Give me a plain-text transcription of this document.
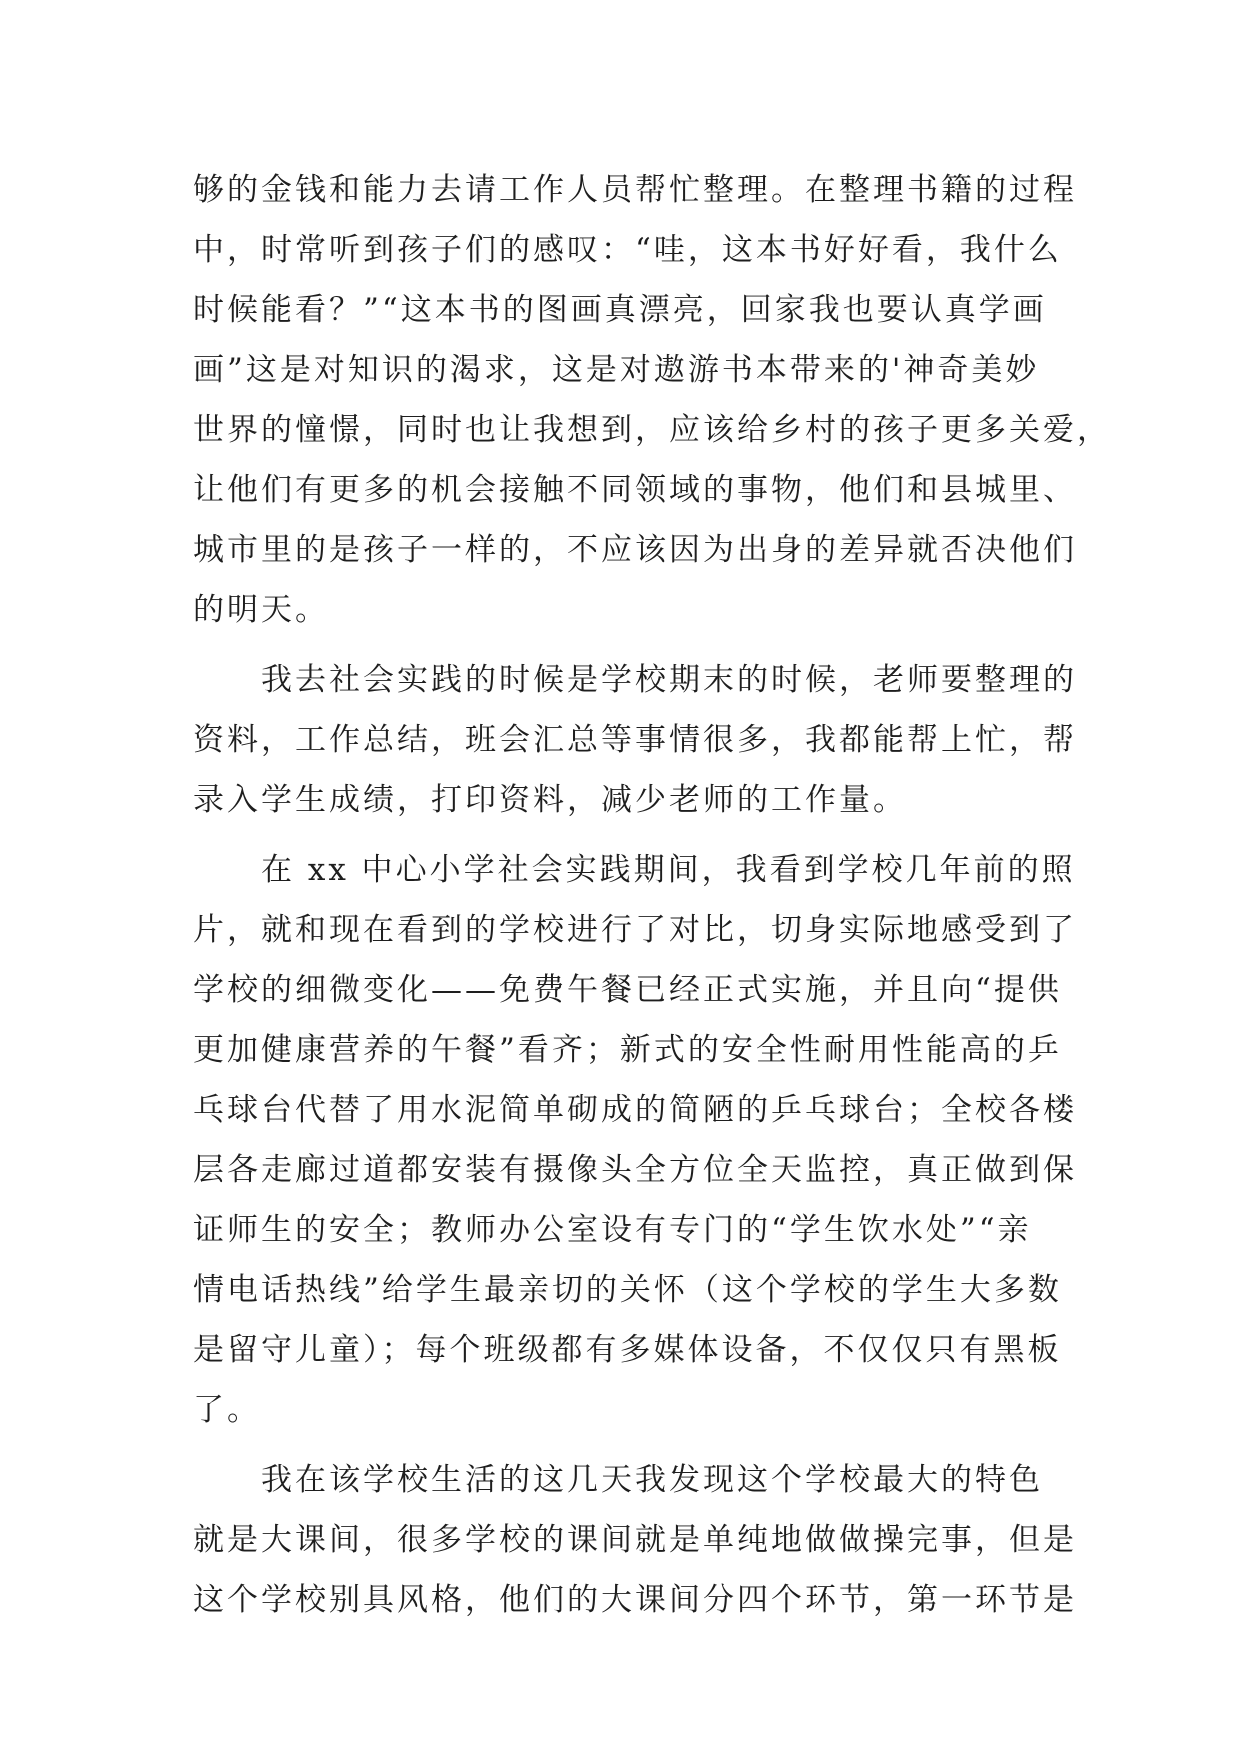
够的金钱和能力去请工作人员帮忙整理。在整理书籍的过程
中，时常听到孩子们的感叹：“哇，这本书好好看，我什么
时候能看？”“这本书的图画真漂亮，回家我也要认真学画
画”这是对知识的渴求，这是对遨游书本带来的'神奇美妙
世界的憧憬，同时也让我想到，应该给乡村的孩子更多关爱，
让他们有更多的机会接触不同领域的事物，他们和县城里、
城市里的是孩子一样的，不应该因为出身的差异就否决他们
的明天。
我去社会实践的时候是学校期末的时候，老师要整理的
资料，工作总结，班会汇总等事情很多，我都能帮上忙，帮
录入学生成绩，打印资料，减少老师的工作量。
在 xx 中心小学社会实践期间，我看到学校几年前的照
片，就和现在看到的学校进行了对比，切身实际地感受到了
学校的细微变化——免费午餐已经正式实施，并且向“提供
更加健康营养的午餐”看齐；新式的安全性耐用性能高的乒
乓球台代替了用水泥简单砌成的简陋的乒乓球台；全校各楼
层各走廊过道都安装有摄像头全方位全天监控，真正做到保
证师生的安全；教师办公室设有专门的“学生饮水处”“亲
情电话热线”给学生最亲切的关怀（这个学校的学生大多数
是留守儿童）；每个班级都有多媒体设备，不仅仅只有黑板
了。
我在该学校生活的这几天我发现这个学校最大的特色
就是大课间，很多学校的课间就是单纯地做做操完事，但是
这个学校别具风格，他们的大课间分四个环节，第一环节是
